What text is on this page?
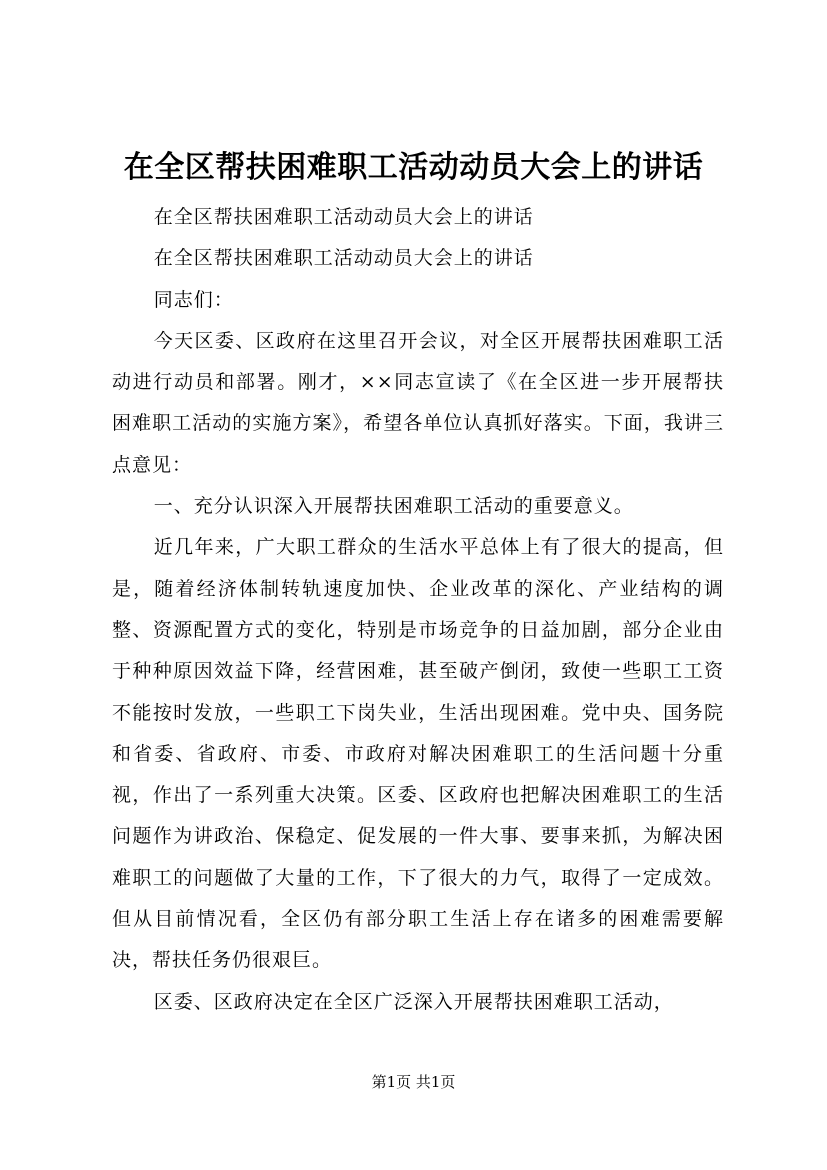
在全区帮扶困难职工活动动员大会上的讲话

在全区帮扶困难职工活动动员大会上的讲话

在全区帮扶困难职工活动动员大会上的讲话

同志们：

今天区委、区政府在这里召开会议，对全区开展帮扶困难职工活动进行动员和部署。刚才，××同志宣读了《在全区进一步开展帮扶困难职工活动的实施方案》，希望各单位认真抓好落实。下面，我讲三点意见：

一、充分认识深入开展帮扶困难职工活动的重要意义。

近几年来，广大职工群众的生活水平总体上有了很大的提高，但是，随着经济体制转轨速度加快、企业改革的深化、产业结构的调整、资源配置方式的变化，特别是市场竞争的日益加剧，部分企业由于种种原因效益下降，经营困难，甚至破产倒闭，致使一些职工工资不能按时发放，一些职工下岗失业，生活出现困难。党中央、国务院和省委、省政府、市委、市政府对解决困难职工的生活问题十分重视，作出了一系列重大决策。区委、区政府也把解决困难职工的生活问题作为讲政治、保稳定、促发展的一件大事、要事来抓，为解决困难职工的问题做了大量的工作，下了很大的力气，取得了一定成效。但从目前情况看，全区仍有部分职工生活上存在诸多的困难需要解决，帮扶任务仍很艰巨。

区委、区政府决定在全区广泛深入开展帮扶困难职工活动，

第1页 共1页
